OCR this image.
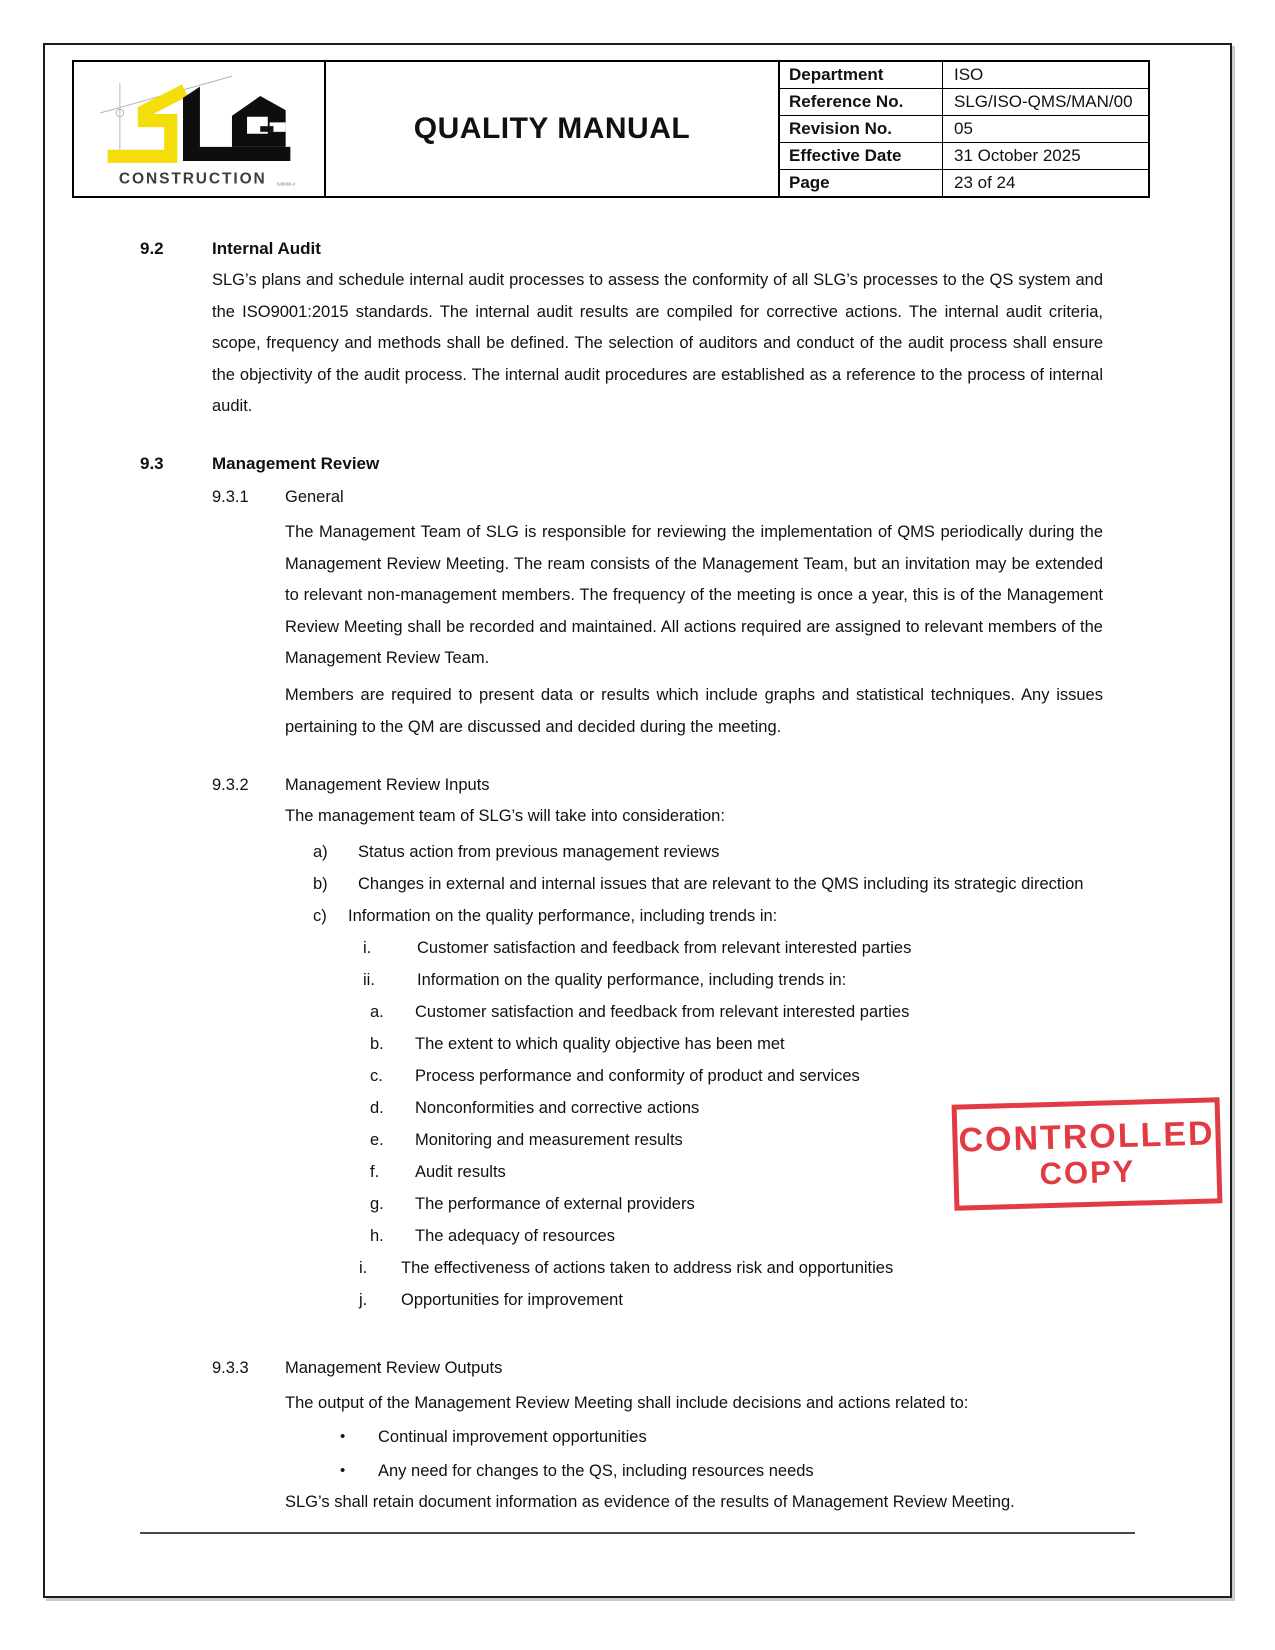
CONSTRUCTION 846080-V
QUALITY MANUAL
Department	ISO
Reference No.	SLG/ISO-QMS/MAN/00
Revision No.	05
Effective Date	31 October 2025
Page	23 of 24
9.2	Internal Audit
SLG’s plans and schedule internal audit processes to assess the conformity of all SLG’s processes to the QS system and the ISO9001:2015 standards. The internal audit results are compiled for corrective actions. The internal audit criteria, scope, frequency and methods shall be defined. The selection of auditors and conduct of the audit process shall ensure the objectivity of the audit process. The internal audit procedures are established as a reference to the process of internal audit.
9.3	Management Review
9.3.1	General
The Management Team of SLG is responsible for reviewing the implementation of QMS periodically during the Management Review Meeting. The ream consists of the Management Team, but an invitation may be extended to relevant non-management members. The frequency of the meeting is once a year, this is of the Management Review Meeting shall be recorded and maintained. All actions required are assigned to relevant members of the Management Review Team.
Members are required to present data or results which include graphs and statistical techniques. Any issues pertaining to the QM are discussed and decided during the meeting.
9.3.2	Management Review Inputs
The management team of SLG’s will take into consideration:
a)	Status action from previous management reviews
b)	Changes in external and internal issues that are relevant to the QMS including its strategic direction
c)	Information on the quality performance, including trends in:
i.	Customer satisfaction and feedback from relevant interested parties
ii.	Information on the quality performance, including trends in:
a.	Customer satisfaction and feedback from relevant interested parties
b.	The extent to which quality objective has been met
c.	Process performance and conformity of product and services
d.	Nonconformities and corrective actions
e.	Monitoring and measurement results
f.	Audit results
g.	The performance of external providers
h.	The adequacy of resources
i.	The effectiveness of actions taken to address risk and opportunities
j.	Opportunities for improvement
9.3.3	Management Review Outputs
The output of the Management Review Meeting shall include decisions and actions related to:
•	Continual improvement opportunities
•	Any need for changes to the QS, including resources needs
SLG’s shall retain document information as evidence of the results of Management Review Meeting.
CONTROLLED
COPY
